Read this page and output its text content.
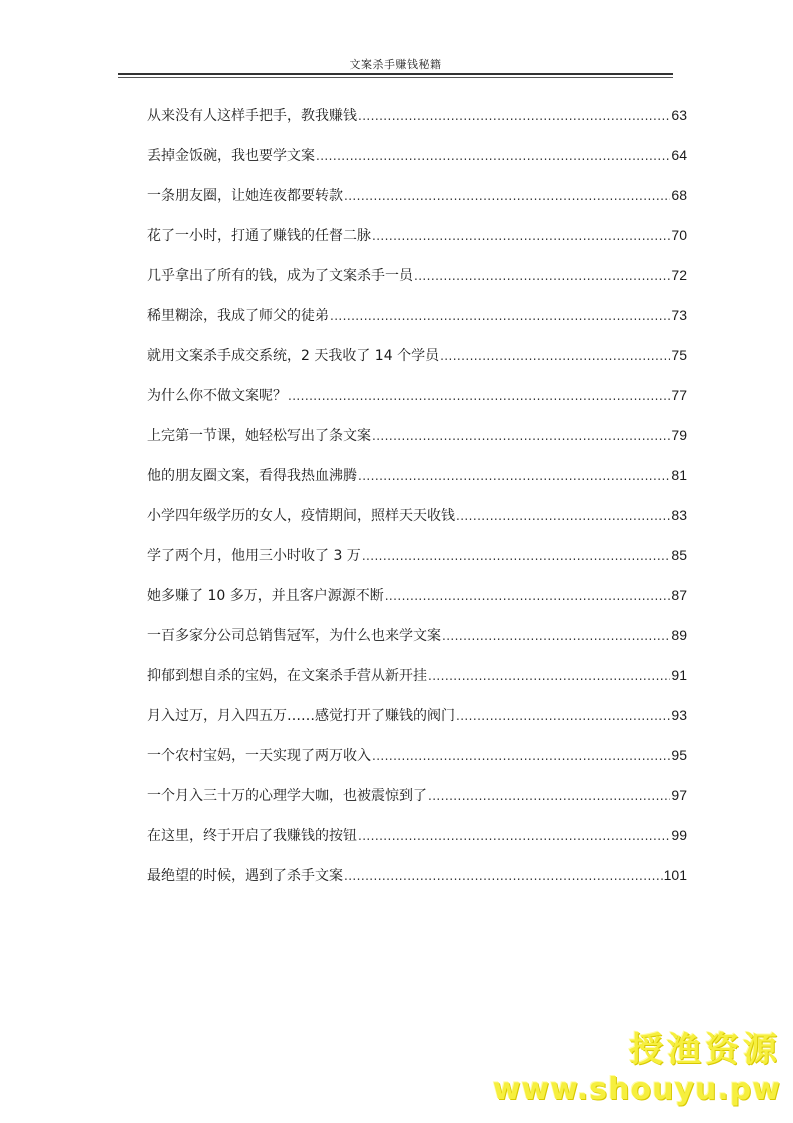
文案杀手赚钱秘籍
从来没有人这样手把手，教我赚钱 .....	63
丢掉金饭碗，我也要学文案 .....	64
一条朋友圈，让她连夜都要转款 .....	68
花了一小时，打通了赚钱的任督二脉 .....	70
几乎拿出了所有的钱，成为了文案杀手一员 .....	72
稀里糊涂，我成了师父的徒弟 .....	73
就用文案杀手成交系统，2 天我收了 14 个学员 .....	75
为什么你不做文案呢？ .....	77
上完第一节课，她轻松写出了条文案 .....	79
他的朋友圈文案，看得我热血沸腾 .....	81
小学四年级学历的女人，疫情期间，照样天天收钱 .....	83
学了两个月，他用三小时收了 3 万 .....	85
她多赚了 10 多万，并且客户源源不断 .....	87
一百多家分公司总销售冠军，为什么也来学文案 .....	89
抑郁到想自杀的宝妈，在文案杀手营从新开挂 .....	91
月入过万，月入四五万……感觉打开了赚钱的阀门 .....	93
一个农村宝妈，一天实现了两万收入 .....	95
一个月入三十万的心理学大咖，也被震惊到了 .....	97
在这里，终于开启了我赚钱的按钮 .....	99
最绝望的时候，遇到了杀手文案 .....	101
授渔资源
www.shouyu.pw
